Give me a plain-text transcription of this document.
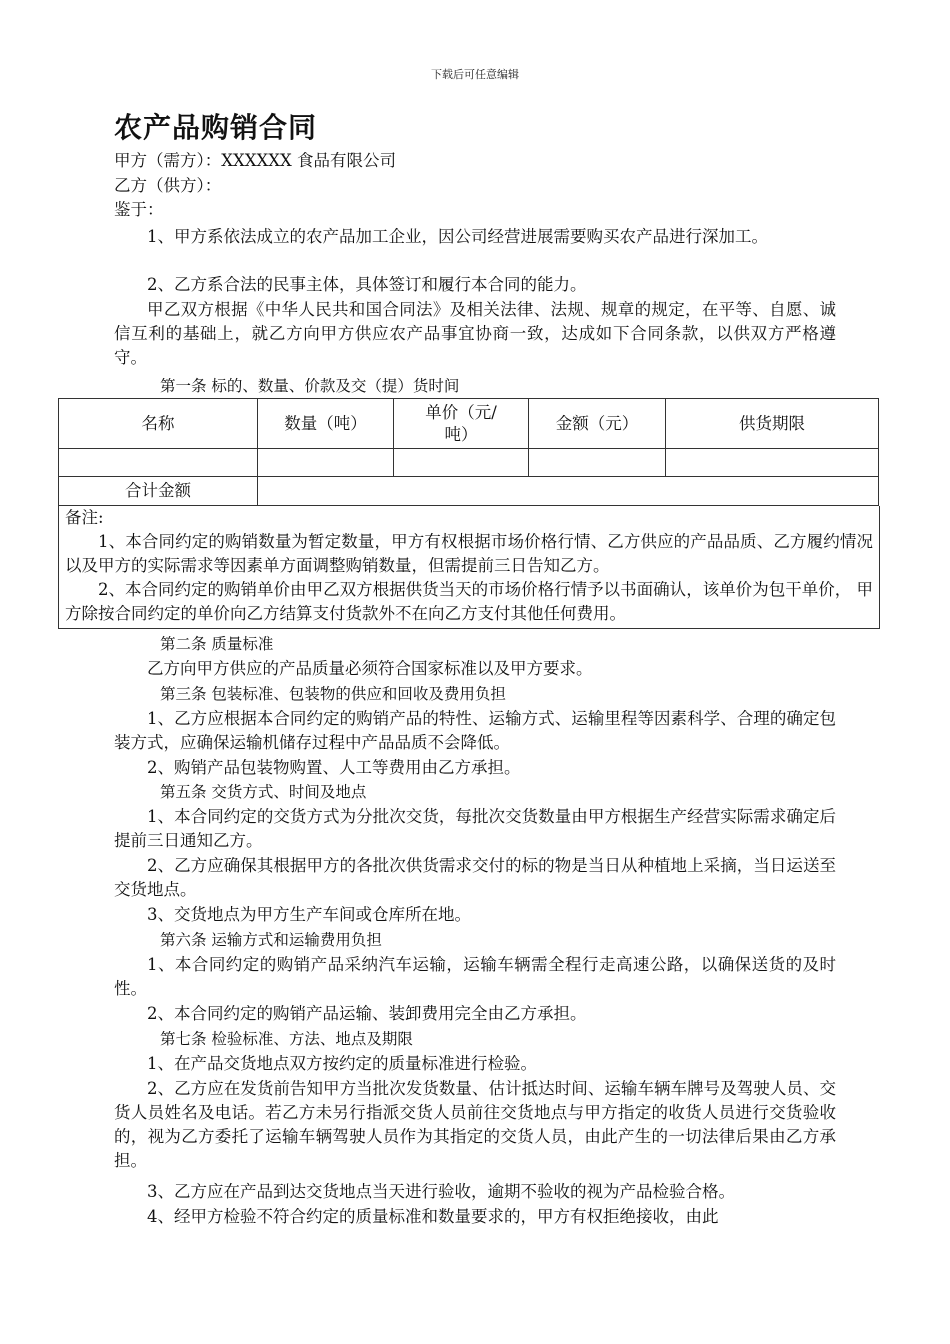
下载后可任意编辑
农产品购销合同
甲方（需方）：XXXXXX 食品有限公司
乙方（供方）：
鉴于：
1、甲方系依法成立的农产品加工企业，因公司经营进展需要购买农产品进行深加工。
2、乙方系合法的民事主体，具体签订和履行本合同的能力。
甲乙双方根据《中华人民共和国合同法》及相关法律、法规、规章的规定，在平等、自愿、诚信互利的基础上，就乙方向甲方供应农产品事宜协商一致，达成如下合同条款，以供双方严格遵守。
第一条 标的、数量、价款及交（提）货时间
名称	数量（吨）	单价（元/吨）	金额（元）	供货期限

合计金额				
备注:
1、本合同约定的购销数量为暂定数量，甲方有权根据市场价格行情、乙方供应的产品品质、乙方履约情况以及甲方的实际需求等因素单方面调整购销数量，但需提前三日告知乙方。
2、本合同约定的购销单价由甲乙双方根据供货当天的市场价格行情予以书面确认，该单价为包干单价， 甲方除按合同约定的单价向乙方结算支付货款外不在向乙方支付其他任何费用。
第二条 质量标准
乙方向甲方供应的产品质量必须符合国家标准以及甲方要求。
第三条 包装标准、包装物的供应和回收及费用负担
1、乙方应根据本合同约定的购销产品的特性、运输方式、运输里程等因素科学、合理的确定包装方式，应确保运输机储存过程中产品品质不会降低。
2、购销产品包装物购置、人工等费用由乙方承担。
第五条 交货方式、时间及地点
1、本合同约定的交货方式为分批次交货，每批次交货数量由甲方根据生产经营实际需求确定后提前三日通知乙方。
2、乙方应确保其根据甲方的各批次供货需求交付的标的物是当日从种植地上采摘，当日运送至交货地点。
3、交货地点为甲方生产车间或仓库所在地。
第六条 运输方式和运输费用负担
1、本合同约定的购销产品采纳汽车运输，运输车辆需全程行走高速公路，以确保送货的及时性。
2、本合同约定的购销产品运输、装卸费用完全由乙方承担。
第七条 检验标准、方法、地点及期限
1、在产品交货地点双方按约定的质量标准进行检验。
2、乙方应在发货前告知甲方当批次发货数量、估计抵达时间、运输车辆车牌号及驾驶人员、交货人员姓名及电话。若乙方未另行指派交货人员前往交货地点与甲方指定的收货人员进行交货验收的，视为乙方委托了运输车辆驾驶人员作为其指定的交货人员，由此产生的一切法律后果由乙方承担。
3、乙方应在产品到达交货地点当天进行验收，逾期不验收的视为产品检验合格。
4、经甲方检验不符合约定的质量标准和数量要求的，甲方有权拒绝接收，由此
